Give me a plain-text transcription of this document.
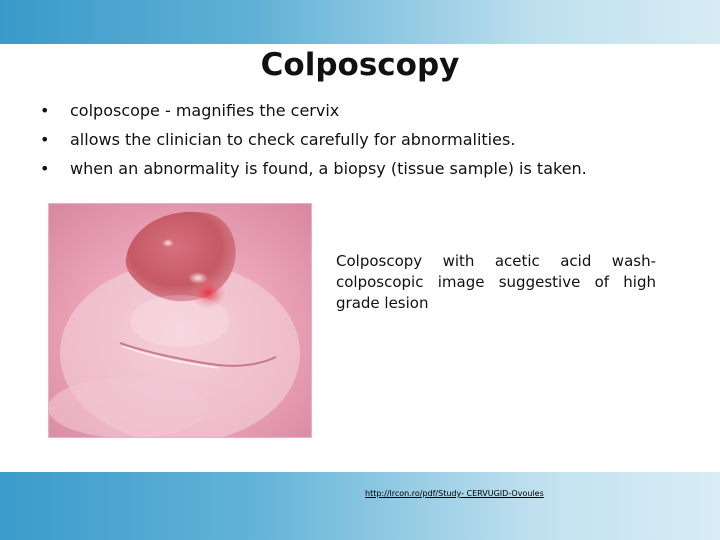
Colposcopy
• colposcope - magnifies the cervix
• allows the clinician to check carefully for abnormalities.
• when an abnormality is found, a biopsy (tissue sample) is taken.
Colposcopy with acetic acid wash- colposcopic image suggestive of high grade lesion
http://lrcon.ro/pdf/Study- CERVUGID-Ovoules
